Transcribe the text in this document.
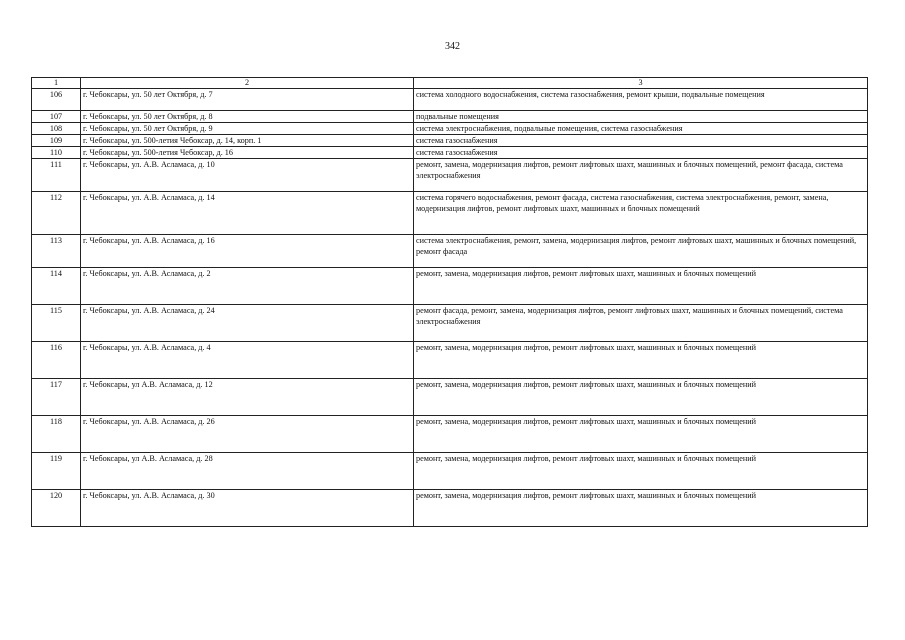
342
1	2	3
106	г. Чебоксары, ул. 50 лет Октября, д. 7	система холодного водоснабжения, система газоснабжения, ремонт крыши, подвальные помещения
107	г. Чебоксары, ул. 50 лет Октября, д. 8	подвальные помещения
108	г. Чебоксары, ул. 50 лет Октября, д. 9	система электроснабжения, подвальные помещения, система газоснабжения
109	г. Чебоксары, ул. 500-летия Чебоксар, д. 14, корп. 1	система газоснабжения
110	г. Чебоксары, ул. 500-летия Чебоксар, д. 16	система газоснабжения
111	г. Чебоксары, ул. А.В. Асламаса, д. 10	ремонт, замена, модернизация лифтов, ремонт лифтовых шахт, машинных и блочных помещений, ремонт фасада, система электроснабжения
112	г. Чебоксары, ул. А.В. Асламаса, д. 14	система горячего водоснабжения, ремонт фасада, система газоснабжения, система электроснабжения, ремонт, замена, модернизация лифтов, ремонт лифтовых шахт, машинных и блочных помещений
113	г. Чебоксары, ул. А.В. Асламаса, д. 16	система электроснабжения, ремонт, замена, модернизация лифтов, ремонт лифтовых шахт, машинных и блочных помещений, ремонт фасада
114	г. Чебоксары, ул. А.В. Асламаса, д. 2	ремонт, замена, модернизация лифтов, ремонт лифтовых шахт, машинных и блочных помещений
115	г. Чебоксары, ул. А.В. Асламаса, д. 24	ремонт фасада, ремонт, замена, модернизация лифтов, ремонт лифтовых шахт, машинных и блочных помещений, система электроснабжения
116	г. Чебоксары, ул. А.В. Асламаса, д. 4	ремонт, замена, модернизация лифтов, ремонт лифтовых шахт, машинных и блочных помещений
117	г. Чебоксары, ул А.В. Асламаса, д. 12	ремонт, замена, модернизация лифтов, ремонт лифтовых шахт, машинных и блочных помещений
118	г. Чебоксары, ул. А.В. Асламаса, д. 26	ремонт, замена, модернизация лифтов, ремонт лифтовых шахт, машинных и блочных помещений
119	г. Чебоксары, ул А.В. Асламаса, д. 28	ремонт, замена, модернизация лифтов, ремонт лифтовых шахт, машинных и блочных помещений
120	г. Чебоксары, ул. А.В. Асламаса, д. 30	ремонт, замена, модернизация лифтов, ремонт лифтовых шахт, машинных и блочных помещений
